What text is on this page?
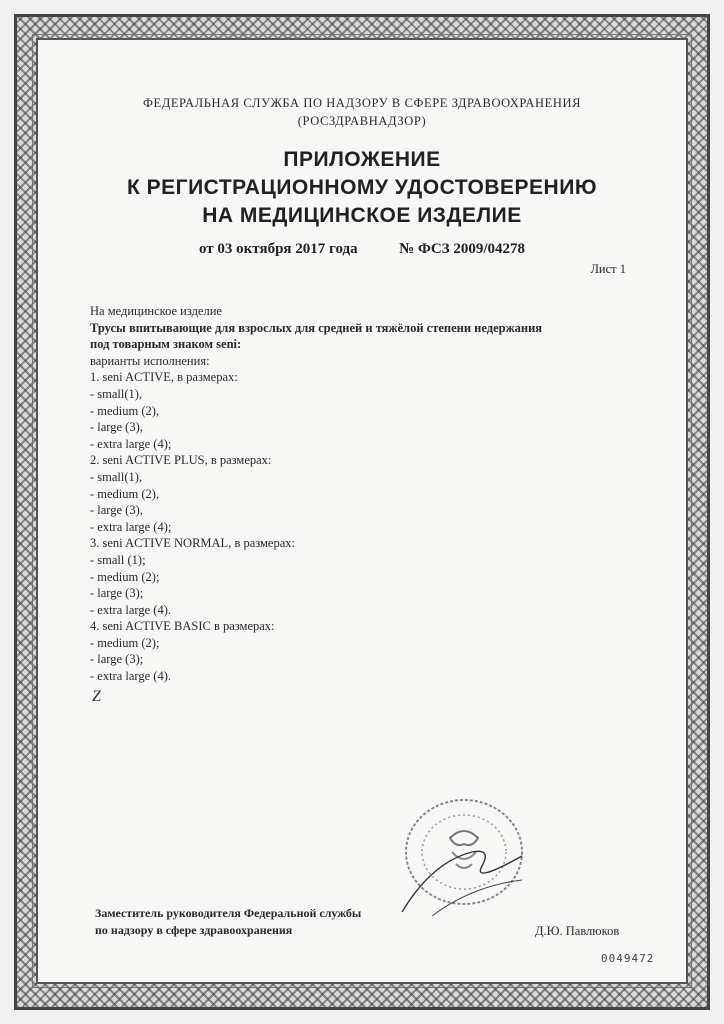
ФЕДЕРАЛЬНАЯ СЛУЖБА ПО НАДЗОРУ В СФЕРЕ ЗДРАВООХРАНЕНИЯ
(РОСЗДРАВНАДЗОР)
ПРИЛОЖЕНИЕ
К РЕГИСТРАЦИОННОМУ УДОСТОВЕРЕНИЮ
НА МЕДИЦИНСКОЕ ИЗДЕЛИЕ
от 03 октября 2017 года	№ ФСЗ 2009/04278
Лист 1
На медицинское изделие
Трусы впитывающие для взрослых для средней и тяжёлой степени недержания
под товарным знаком seni:
варианты исполнения:
1. seni ACTIVE, в размерах:
- small(1),
- medium (2),
- large (3),
- extra large (4);
2. seni ACTIVE PLUS, в размерах:
- small(1),
- medium (2),
- large (3),
- extra large (4);
3. seni ACTIVE NORMAL, в размерах:
- small (1);
- medium (2);
- large (3);
- extra large (4).
4. seni ACTIVE BASIC в размерах:
- medium (2);
- large (3);
- extra large (4).
Z
Заместитель руководителя Федеральной службы
по надзору в сфере здравоохранения	Д.Ю. Павлюков
0049472
